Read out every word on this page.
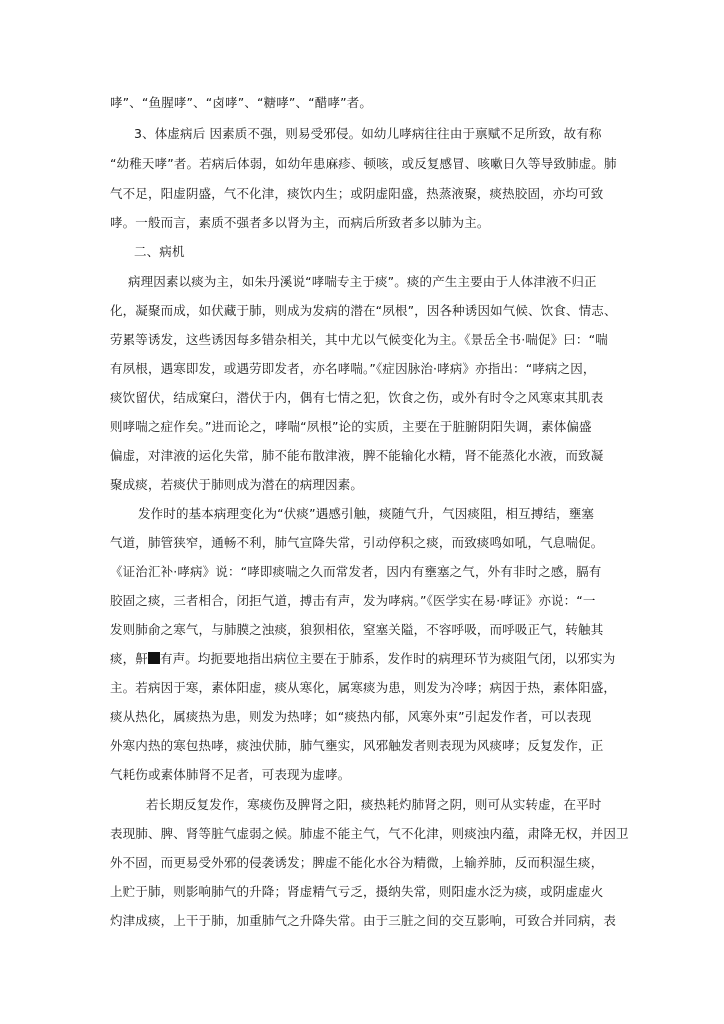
哮”、“鱼腥哮”、“卤哮”、“糖哮”、“醋哮”者。
3、体虚病后 因素质不强，则易受邪侵。如幼儿哮病往往由于禀赋不足所致，故有称
“幼稚天哮”者。若病后体弱，如幼年患麻疹、顿咳，或反复感冒、咳嗽日久等导致肺虚。肺
气不足，阳虚阴盛，气不化津，痰饮内生；或阴虚阳盛，热蒸液聚，痰热胶固，亦均可致
哮。一般而言，素质不强者多以肾为主，而病后所致者多以肺为主。
二、病机
病理因素以痰为主，如朱丹溪说“哮喘专主于痰”。痰的产生主要由于人体津液不归正
化，凝聚而成，如伏藏于肺，则成为发病的潜在“夙根”，因各种诱因如气候、饮食、情志、
劳累等诱发，这些诱因每多错杂相关，其中尤以气候变化为主。《景岳全书·喘促》曰：“喘
有夙根，遇寒即发，或遇劳即发者，亦名哮喘。”《症因脉治·哮病》亦指出：“哮病之因，
痰饮留伏，结成窠臼，潜伏于内，偶有七情之犯，饮食之伤，或外有时令之风寒束其肌表
则哮喘之症作矣。”进而论之，哮喘“夙根”论的实质，主要在于脏腑阴阳失调，素体偏盛
偏虚，对津液的运化失常，肺不能布散津液，脾不能输化水精，肾不能蒸化水液，而致凝
聚成痰，若痰伏于肺则成为潜在的病理因素。
发作时的基本病理变化为“伏痰”遇感引触，痰随气升，气因痰阻，相互搏结，壅塞
气道，肺管狭窄，通畅不利，肺气宣降失常，引动停积之痰，而致痰鸣如吼，气息喘促。
《证治汇补·哮病》说：“哮即痰喘之久而常发者，因内有壅塞之气，外有非时之感，膈有
胶固之痰，三者相合，闭拒气道，搏击有声，发为哮病。”《医学实在易·哮证》亦说：“一
发则肺俞之寒气，与肺膜之浊痰，狼狈相依，窒塞关隘，不容呼吸，而呼吸正气，转触其
痰，鼾 有声。均扼要地指出病位主要在于肺系，发作时的病理环节为痰阻气闭，以邪实为
主。若病因于寒，素体阳虚，痰从寒化，属寒痰为患，则发为冷哮；病因于热，素体阳盛，
痰从热化，属痰热为患，则发为热哮；如“痰热内郁，风寒外束”引起发作者，可以表现
外寒内热的寒包热哮，痰浊伏肺，肺气壅实，风邪触发者则表现为风痰哮；反复发作，正
气耗伤或素体肺肾不足者，可表现为虚哮。
若长期反复发作，寒痰伤及脾肾之阳，痰热耗灼肺肾之阴，则可从实转虚，在平时
表现肺、脾、肾等脏气虚弱之候。肺虚不能主气，气不化津，则痰浊内蕴，肃降无权，并因卫
外不固，而更易受外邪的侵袭诱发；脾虚不能化水谷为精微，上输养肺，反而积湿生痰，
上贮于肺，则影响肺气的升降；肾虚精气亏乏，摄纳失常，则阳虚水泛为痰，或阴虚虚火
灼津成痰，上干于肺，加重肺气之升降失常。由于三脏之间的交互影响，可致合并同病，表
